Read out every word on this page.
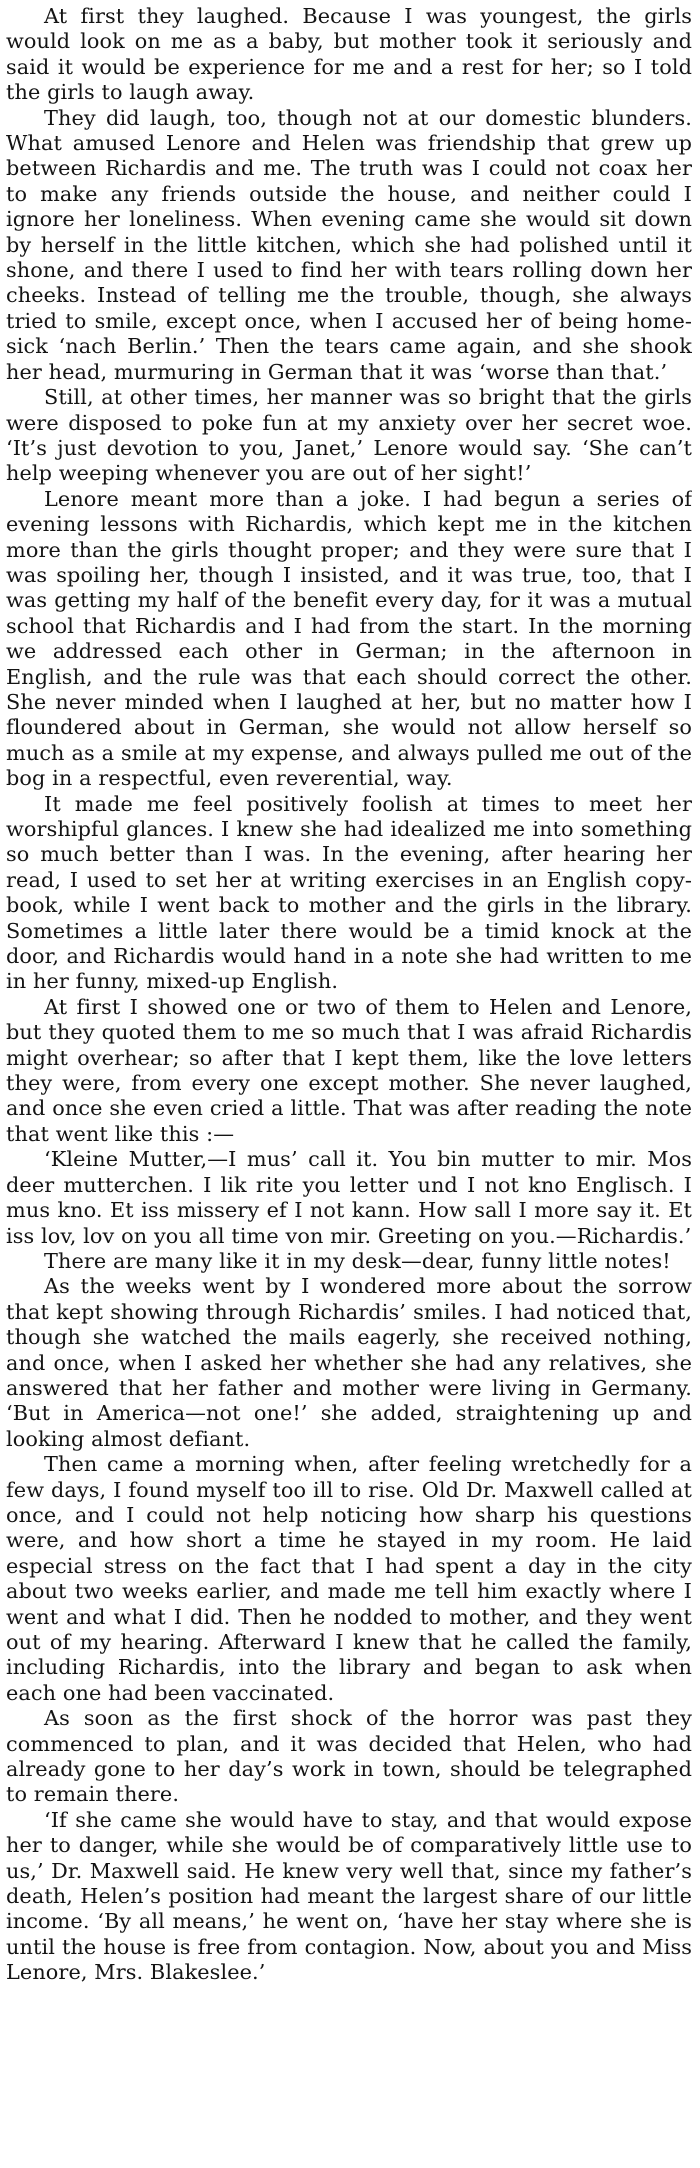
At first they laughed. Because I was youngest, the girls would look on me as a baby, but mother took it seriously and said it would be experience for me and a rest for her; so I told the girls to laugh away.

They did laugh, too, though not at our domestic blunders. What amused Lenore and Helen was friendship that grew up between Richardis and me. The truth was I could not coax her to make any friends outside the house, and neither could I ignore her loneliness. When evening came she would sit down by herself in the little kitchen, which she had polished until it shone, and there I used to find her with tears rolling down her cheeks. Instead of telling me the trouble, though, she always tried to smile, except once, when I accused her of being home-sick ‘nach Berlin.’ Then the tears came again, and she shook her head, murmuring in German that it was ‘worse than that.’

Still, at other times, her manner was so bright that the girls were disposed to poke fun at my anxiety over her secret woe. ‘It’s just devotion to you, Janet,’ Lenore would say. ‘She can’t help weeping whenever you are out of her sight!’

Lenore meant more than a joke. I had begun a series of evening lessons with Richardis, which kept me in the kitchen more than the girls thought proper; and they were sure that I was spoiling her, though I insisted, and it was true, too, that I was getting my half of the benefit every day, for it was a mutual school that Richardis and I had from the start. In the morning we addressed each other in German; in the afternoon in English, and the rule was that each should correct the other. She never minded when I laughed at her, but no matter how I floundered about in German, she would not allow herself so much as a smile at my expense, and always pulled me out of the bog in a respectful, even reverential, way.

It made me feel positively foolish at times to meet her worshipful glances. I knew she had idealized me into something so much better than I was. In the evening, after hearing her read, I used to set her at writing exercises in an English copy-book, while I went back to mother and the girls in the library. Sometimes a little later there would be a timid knock at the door, and Richardis would hand in a note she had written to me in her funny, mixed-up English.

At first I showed one or two of them to Helen and Lenore, but they quoted them to me so much that I was afraid Richardis might overhear; so after that I kept them, like the love letters they were, from every one except mother. She never laughed, and once she even cried a little. That was after reading the note that went like this :—

‘Kleine Mutter,—I mus’ call it. You bin mutter to mir. Mos deer mutterchen. I lik rite you letter und I not kno Englisch. I mus kno. Et iss missery ef I not kann. How sall I more say it. Et iss lov, lov on you all time von mir. Greeting on you.—Richardis.’

There are many like it in my desk—dear, funny little notes!

As the weeks went by I wondered more about the sorrow that kept showing through Richardis’ smiles. I had noticed that, though she watched the mails eagerly, she received nothing, and once, when I asked her whether she had any relatives, she answered that her father and mother were living in Germany. ‘But in America—not one!’ she added, straightening up and looking almost defiant.

Then came a morning when, after feeling wretchedly for a few days, I found myself too ill to rise. Old Dr. Maxwell called at once, and I could not help noticing how sharp his questions were, and how short a time he stayed in my room. He laid especial stress on the fact that I had spent a day in the city about two weeks earlier, and made me tell him exactly where I went and what I did. Then he nodded to mother, and they went out of my hearing. Afterward I knew that he called the family, including Richardis, into the library and began to ask when each one had been vaccinated.

As soon as the first shock of the horror was past they commenced to plan, and it was decided that Helen, who had already gone to her day’s work in town, should be telegraphed to remain there.

‘If she came she would have to stay, and that would expose her to danger, while she would be of comparatively little use to us,’ Dr. Maxwell said. He knew very well that, since my father’s death, Helen’s position had meant the largest share of our little income. ‘By all means,’ he went on, ‘have her stay where she is until the house is free from contagion. Now, about you and Miss Lenore, Mrs. Blakeslee.’
